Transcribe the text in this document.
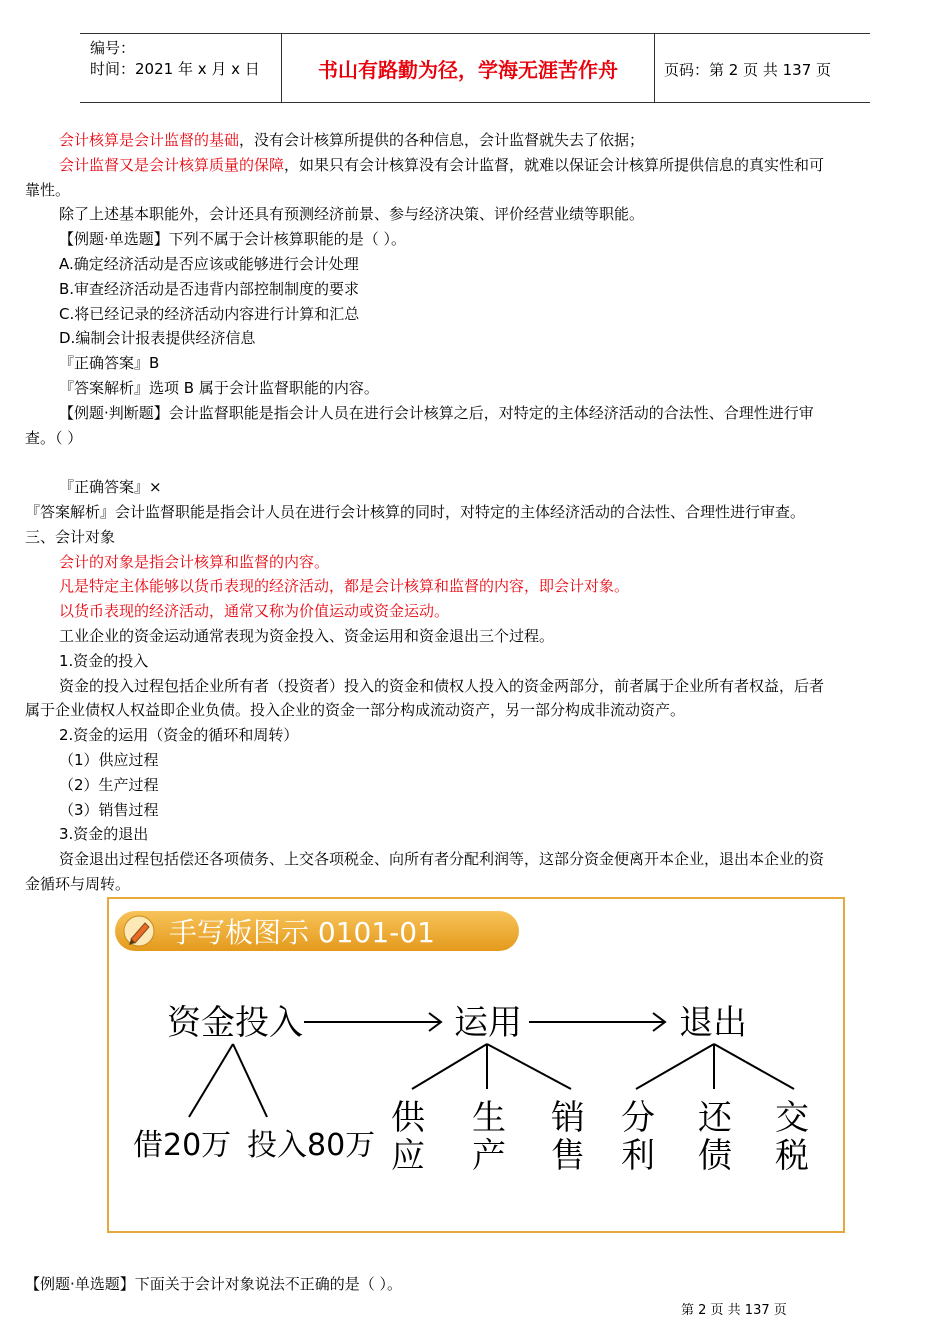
编号：
时间：2021 年 x 月 x 日	书山有路勤为径，学海无涯苦作舟	页码：第 2 页 共 137 页

会计核算是会计监督的基础，没有会计核算所提供的各种信息，会计监督就失去了依据；

会计监督又是会计核算质量的保障，如果只有会计核算没有会计监督，就难以保证会计核算所提供信息的真实性和可

靠性。

除了上述基本职能外，会计还具有预测经济前景、参与经济决策、评价经营业绩等职能。

【例题·单选题】下列不属于会计核算职能的是（ ）。

A.确定经济活动是否应该或能够进行会计处理

B.审查经济活动是否违背内部控制制度的要求

C.将已经记录的经济活动内容进行计算和汇总

D.编制会计报表提供经济信息

『正确答案』B

『答案解析』选项 B 属于会计监督职能的内容。

【例题·判断题】会计监督职能是指会计人员在进行会计核算之后，对特定的主体经济活动的合法性、合理性进行审

查。（ ）

『正确答案』×

『答案解析』会计监督职能是指会计人员在进行会计核算的同时，对特定的主体经济活动的合法性、合理性进行审查。

三、会计对象

会计的对象是指会计核算和监督的内容。

凡是特定主体能够以货币表现的经济活动，都是会计核算和监督的内容，即会计对象。

以货币表现的经济活动，通常又称为价值运动或资金运动。

工业企业的资金运动通常表现为资金投入、资金运用和资金退出三个过程。

1.资金的投入

资金的投入过程包括企业所有者（投资者）投入的资金和债权人投入的资金两部分，前者属于企业所有者权益，后者

属于企业债权人权益即企业负债。投入企业的资金一部分构成流动资产，另一部分构成非流动资产。

2.资金的运用（资金的循环和周转）

（1）供应过程

（2）生产过程

（3）销售过程

3.资金的退出

资金退出过程包括偿还各项债务、上交各项税金、向所有者分配利润等，这部分资金便离开本企业，退出本企业的资

金循环与周转。

手写板图示 0101-01
资金投入	运用	退出
借20万 投入80万
供应
生产
销售
分利
还债
交税
【例题·单选题】下面关于会计对象说法不正确的是（ ）。
第 2 页 共 137 页
